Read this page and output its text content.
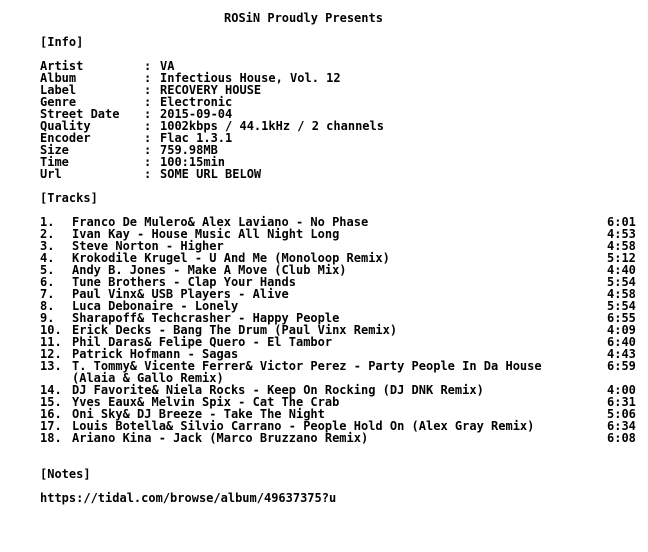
ROSiN Proudly Presents
[Info]
Artist	: VA
Album	: Infectious House, Vol. 12
Label	: RECOVERY HOUSE
Genre	: Electronic
Street Date : 2015-09-04
Quality	: 1002kbps / 44.1kHz / 2 channels
Encoder	: Flac 1.3.1
Size	: 759.98MB
Time	: 100:15min
Url	: SOME URL BELOW
[Tracks]
1. Franco De Mulero& Alex Laviano - No Phase	6:01
2. Ivan Kay - House Music All Night Long	4:53
3. Steve Norton - Higher	4:58
4. Krokodile Krugel - U And Me (Monoloop Remix)	5:12
5. Andy B. Jones - Make A Move (Club Mix)	4:40
6. Tune Brothers - Clap Your Hands	5:54
7. Paul Vinx& USB Players - Alive	4:58
8. Luca Debonaire - Lonely	5:54
9. Sharapoff& Techcrasher - Happy People	6:55
10. Erick Decks - Bang The Drum (Paul Vinx Remix)	4:09
11. Phil Daras& Felipe Quero - El Tambor	6:40
12. Patrick Hofmann - Sagas	4:43
13. T. Tommy& Vicente Ferrer& Victor Perez - Party People In Da House	6:59
(Alaia & Gallo Remix)
14. DJ Favorite& Niela Rocks - Keep On Rocking (DJ DNK Remix)	4:00
15. Yves Eaux& Melvin Spix - Cat The Crab	6:31
16. Oni Sky& DJ Breeze - Take The Night	5:06
17. Louis Botella& Silvio Carrano - People Hold On (Alex Gray Remix)	6:34
18. Ariano Kina - Jack (Marco Bruzzano Remix)	6:08
[Notes]
https://tidal.com/browse/album/49637375?u
